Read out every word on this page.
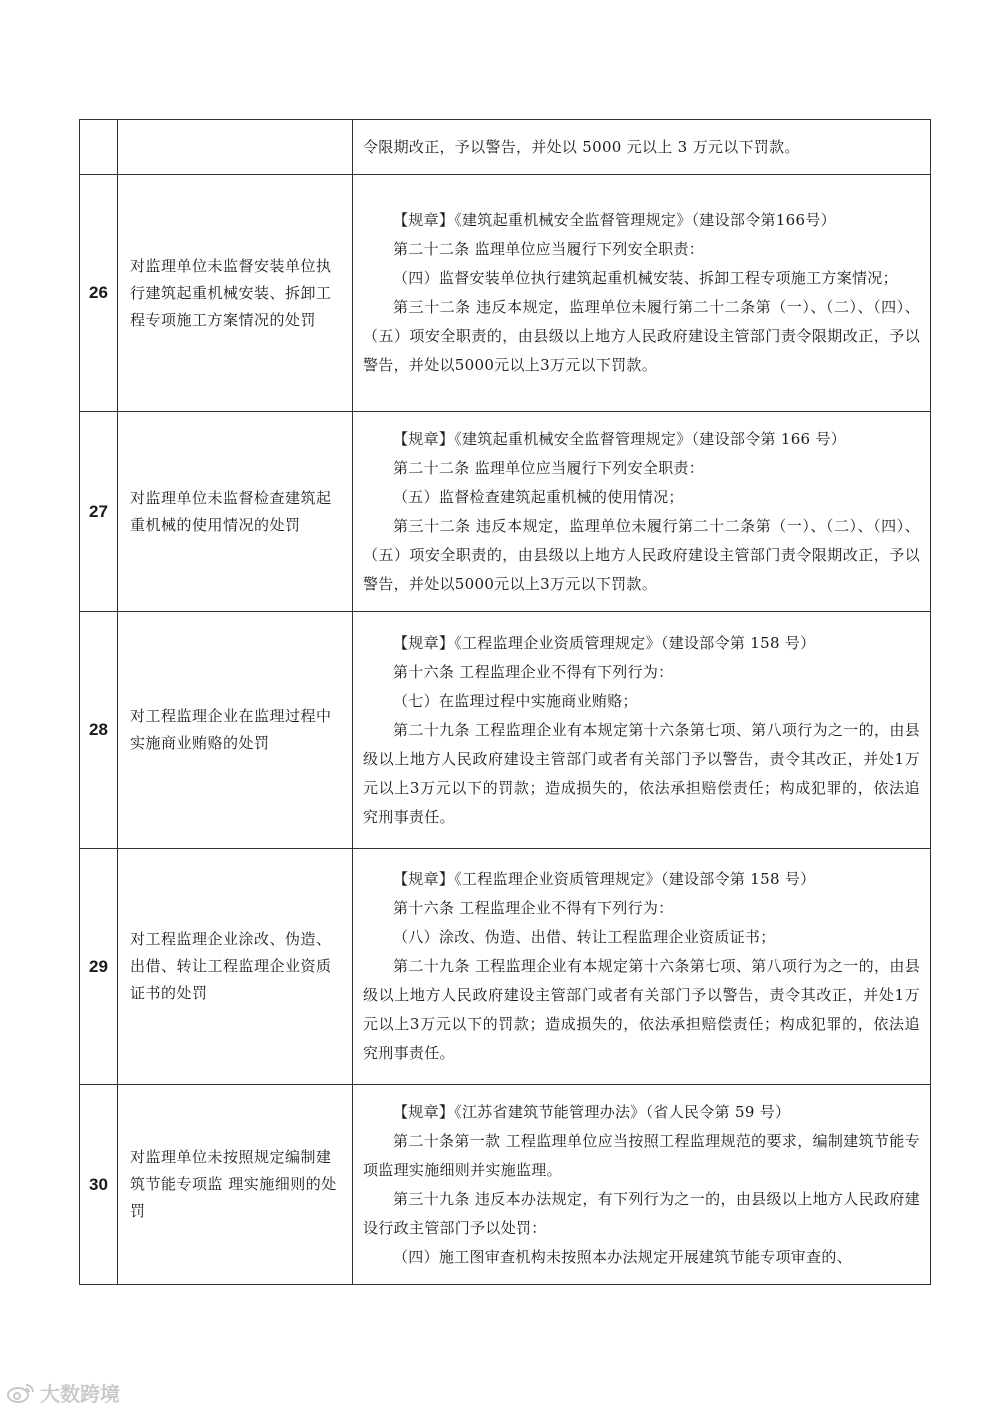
		令限期改正，予以警告，并处以 5000 元以上 3 万元以下罚款。

26	对监理单位未监督安装单位执行建筑起重机械安装、拆卸工程专项施工方案情况的处罚	【规章】《建筑起重机械安全监督管理规定》（建设部令第166号）

第二十二条 监理单位应当履行下列安全职责：

（四）监督安装单位执行建筑起重机械安装、拆卸工程专项施工方案情况；

第三十二条 违反本规定，监理单位未履行第二十二条第（一）、（二）、（四）、（五）项安全职责的，由县级以上地方人民政府建设主管部门责令限期改正，予以警告，并处以5000元以上3万元以下罚款。

27	对监理单位未监督检查建筑起重机械的使用情况的处罚	【规章】《建筑起重机械安全监督管理规定》（建设部令第 166 号）

第二十二条 监理单位应当履行下列安全职责：

（五）监督检查建筑起重机械的使用情况；

第三十二条 违反本规定，监理单位未履行第二十二条第（一）、（二）、（四）、（五）项安全职责的，由县级以上地方人民政府建设主管部门责令限期改正，予以警告，并处以5000元以上3万元以下罚款。

28	对工程监理企业在监理过程中实施商业贿赂的处罚	【规章】《工程监理企业资质管理规定》（建设部令第 158 号）

第十六条 工程监理企业不得有下列行为：

（七）在监理过程中实施商业贿赂；

第二十九条 工程监理企业有本规定第十六条第七项、第八项行为之一的，由县级以上地方人民政府建设主管部门或者有关部门予以警告，责令其改正，并处1万元以上3万元以下的罚款；造成损失的，依法承担赔偿责任；构成犯罪的，依法追究刑事责任。

29	对工程监理企业涂改、伪造、出借、转让工程监理企业资质证书的处罚	【规章】《工程监理企业资质管理规定》（建设部令第 158 号）

第十六条 工程监理企业不得有下列行为：

（八）涂改、伪造、出借、转让工程监理企业资质证书；

第二十九条 工程监理企业有本规定第十六条第七项、第八项行为之一的，由县级以上地方人民政府建设主管部门或者有关部门予以警告，责令其改正，并处1万元以上3万元以下的罚款；造成损失的，依法承担赔偿责任；构成犯罪的，依法追究刑事责任。

30	对监理单位未按照规定编制建筑节能专项监 理实施细则的处罚	【规章】《江苏省建筑节能管理办法》（省人民令第 59 号）

第二十条第一款 工程监理单位应当按照工程监理规范的要求，编制建筑节能专项监理实施细则并实施监理。

第三十九条 违反本办法规定，有下列行为之一的，由县级以上地方人民政府建设行政主管部门予以处罚：

（四）施工图审查机构未按照本办法规定开展建筑节能专项审查的、

大数跨境
